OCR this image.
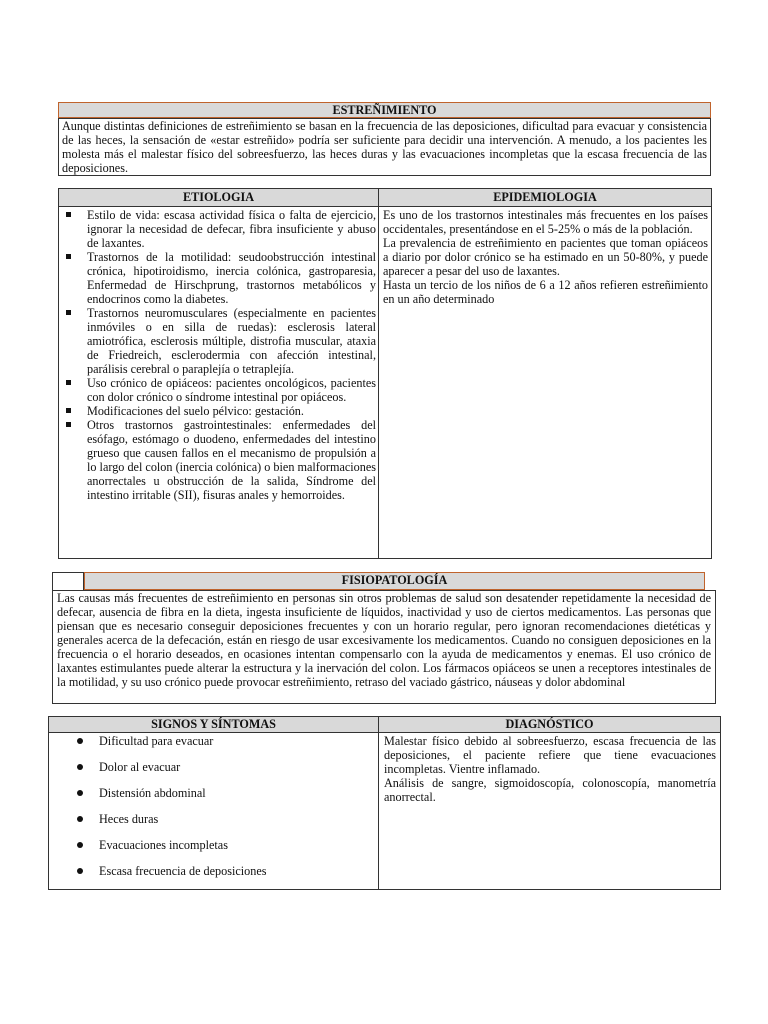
ESTREÑIMIENTO
Aunque distintas definiciones de estreñimiento se basan en la frecuencia de las deposiciones, dificultad para evacuar y consistencia de las heces, la sensación de «estar estreñido» podría ser suficiente para decidir una intervención. A menudo, a los pacientes les molesta más el malestar físico del sobreesfuerzo, las heces duras y las evacuaciones incompletas que la escasa frecuencia de las deposiciones.
ETIOLOGIA	EPIDEMIOLOGIA
Estilo de vida: escasa actividad física o falta de ejercicio, ignorar la necesidad de defecar, fibra insuficiente y abuso de laxantes.
Trastornos de la motilidad: seudoobstrucción intestinal crónica, hipotiroidismo, inercia colónica, gastroparesia, Enfermedad de Hirschprung, trastornos metabólicos y endocrinos como la diabetes.
Trastornos neuromusculares (especialmente en pacientes inmóviles o en silla de ruedas): esclerosis lateral amiotrófica, esclerosis múltiple, distrofia muscular, ataxia de Friedreich, esclerodermia con afección intestinal, parálisis cerebral o paraplejía o tetraplejía.
Uso crónico de opiáceos: pacientes oncológicos, pacientes con dolor crónico o síndrome intestinal por opiáceos.
Modificaciones del suelo pélvico: gestación.
Otros trastornos gastrointestinales: enfermedades del esófago, estómago o duodeno, enfermedades del intestino grueso que causen fallos en el mecanismo de propulsión a lo largo del colon (inercia colónica) o bien malformaciones anorrectales u obstrucción de la salida, Síndrome del intestino irritable (SII), fisuras anales y hemorroides.

Es uno de los trastornos intestinales más frecuentes en los países occidentales, presentándose en el 5-25% o más de la población.

La prevalencia de estreñimiento en pacientes que toman opiáceos a diario por dolor crónico se ha estimado en un 50-80%, y puede aparecer a pesar del uso de laxantes.

Hasta un tercio de los niños de 6 a 12 años refieren estreñimiento en un año determinado

FISIOPATOLOGÍA
Las causas más frecuentes de estreñimiento en personas sin otros problemas de salud son desatender repetidamente la necesidad de defecar, ausencia de fibra en la dieta, ingesta insuficiente de líquidos, inactividad y uso de ciertos medicamentos. Las personas que piensan que es necesario conseguir deposiciones frecuentes y con un horario regular, pero ignoran recomendaciones dietéticas y generales acerca de la defecación, están en riesgo de usar excesivamente los medicamentos. Cuando no consiguen deposiciones en la frecuencia o el horario deseados, en ocasiones intentan compensarlo con la ayuda de medicamentos y enemas. El uso crónico de laxantes estimulantes puede alterar la estructura y la inervación del colon. Los fármacos opiáceos se unen a receptores intestinales de la motilidad, y su uso crónico puede provocar estreñimiento, retraso del vaciado gástrico, náuseas y dolor abdominal
SIGNOS Y SÍNTOMAS	DIAGNÓSTICO
Dificultad para evacuar
Dolor al evacuar
Distensión abdominal
Heces duras
Evacuaciones incompletas
Escasa frecuencia de deposiciones

Malestar físico debido al sobreesfuerzo, escasa frecuencia de las deposiciones, el paciente refiere que tiene evacuaciones incompletas. Vientre inflamado.

Análisis de sangre, sigmoidoscopía, colonoscopía, manometría anorrectal.
